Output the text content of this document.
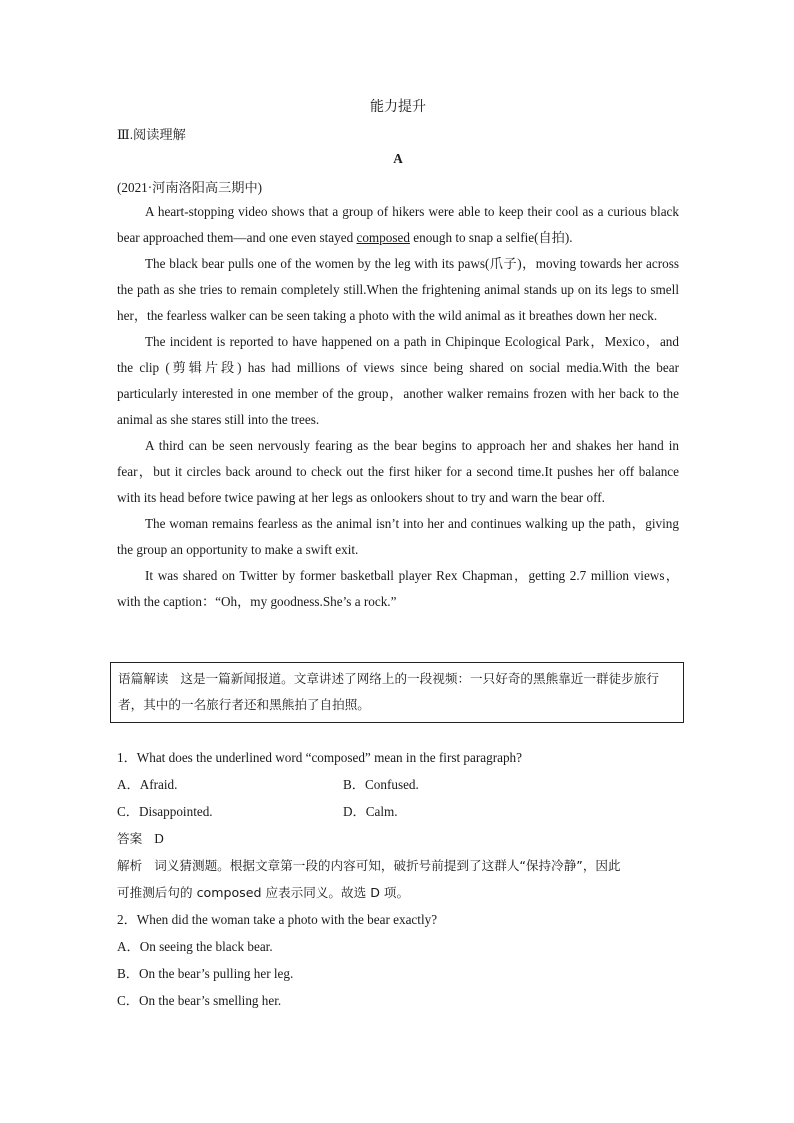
能力提升
Ⅲ.阅读理解
A
(2021·河南洛阳高三期中)

A heart-stopping video shows that a group of hikers were able to keep their cool as a curious black bear approached them—and one even stayed composed enough to snap a selfie(自拍).

The black bear pulls one of the women by the leg with its paws(爪子)，moving towards her across the path as she tries to remain completely still.When the frightening animal stands up on its legs to smell her，the fearless walker can be seen taking a photo with the wild animal as it breathes down her neck.

The incident is reported to have happened on a path in Chipinque Ecological Park，Mexico，and the clip (剪辑片段) has had millions of views since being shared on social media.With the bear particularly interested in one member of the group，another walker remains frozen with her back to the animal as she stares still into the trees.

A third can be seen nervously fearing as the bear begins to approach her and shakes her hand in fear，but it circles back around to check out the first hiker for a second time.It pushes her off balance with its head before twice pawing at her legs as onlookers shout to try and warn the bear off.

The woman remains fearless as the animal isn’t into her and continues walking up the path，giving the group an opportunity to make a swift exit.

It was shared on Twitter by former basketball player Rex Chapman，getting 2.7 million views，with the caption：“Oh，my goodness.She’s a rock.”

语篇解读 这是一篇新闻报道。文章讲述了网络上的一段视频：一只好奇的黑熊靠近一群徒步旅行者，其中的一名旅行者还和黑熊拍了自拍照。
1．What does the underlined word “composed” mean in the first paragraph?
A．Afraid.	B．Confused.
C．Disappointed.	D．Calm.
答案 D
解析 词义猜测题。根据文章第一段的内容可知，破折号前提到了这群人“保持冷静”，因此
可推测后句的 composed 应表示同义。故选 D 项。
2．When did the woman take a photo with the bear exactly?
A．On seeing the black bear.
B．On the bear’s pulling her leg.
C．On the bear’s smelling her.
